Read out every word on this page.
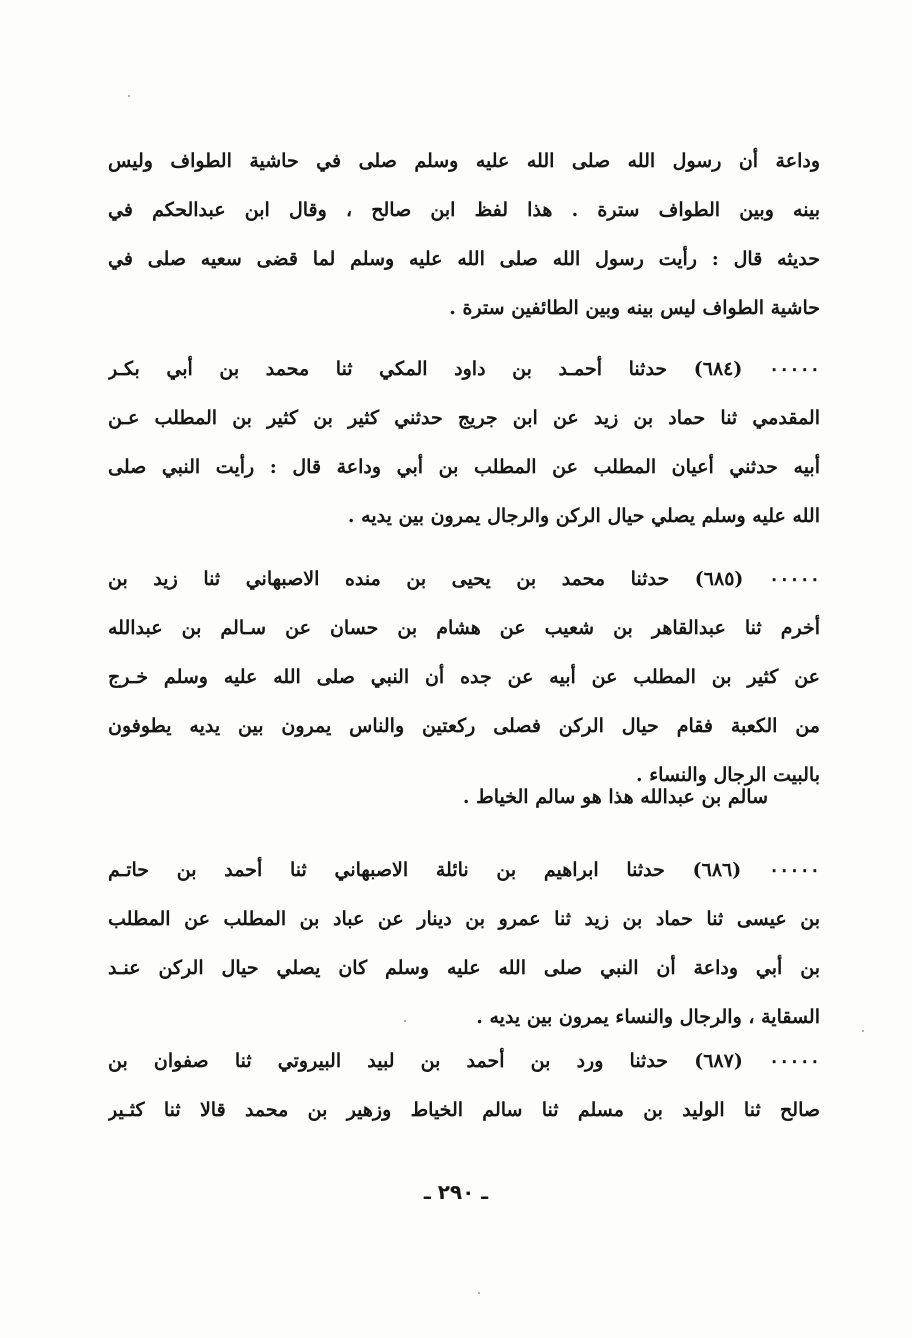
وداعة أن رسول الله صلى الله عليه وسلم صلى في حاشية الطواف وليس
بينه وبين الطواف سترة . هذا لفظ ابن صالح ، وقال ابن عبدالحكم في
حديثه قال : رأيت رسول الله صلى الله عليه وسلم لما قضى سعيه صلى في
حاشية الطواف ليس بينه وبين الطائفين سترة .
٠٠٠٠٠ (٦٨٤) حدثنا أحمـد بن داود المكي ثنا محمد بن أبي بكـر
المقدمي ثنا حماد بن زيد عن ابن جريج حدثني كثير بن كثير بن المطلب عـن
أبيه حدثني أعيان المطلب عن المطلب بن أبي وداعة قال : رأيت النبي صلى
الله عليه وسلم يصلي حيال الركن والرجال يمرون بين يديه .
٠٠٠٠٠ (٦٨٥) حدثنا محمد بن يحيى بن منده الاصبهاني ثنا زيد بن
أخرم ثنا عبدالقاهر بن شعيب عن هشام بن حسان عن سـالم بن عبدالله
عن كثير بن المطلب عن أبيه عن جده أن النبي صلى الله عليه وسلم خـرج
من الكعبة فقام حيال الركن فصلى ركعتين والناس يمرون بين يديه يطوفون
بالبيت الرجال والنساء .
سالم بن عبدالله هذا هو سالم الخياط .
٠٠٠٠٠ (٦٨٦) حدثنا ابراهيم بن نائلة الاصبهاني ثنا أحمد بن حاتـم
بن عيسى ثنا حماد بن زيد ثنا عمرو بن دينار عن عباد بن المطلب عن المطلب
بن أبي وداعة أن النبي صلى الله عليه وسلم كان يصلي حيال الركن عنـد
السقاية ، والرجال والنساء يمرون بين يديه .
٠٠٠٠٠ (٦٨٧) حدثنا ورد بن أحمد بن لبيد البيروتي ثنا صفوان بن
صالح ثنا الوليد بن مسلم ثنا سالم الخياط وزهير بن محمد قالا ثنا كثـير
ـ ٢٩٠ ـ
